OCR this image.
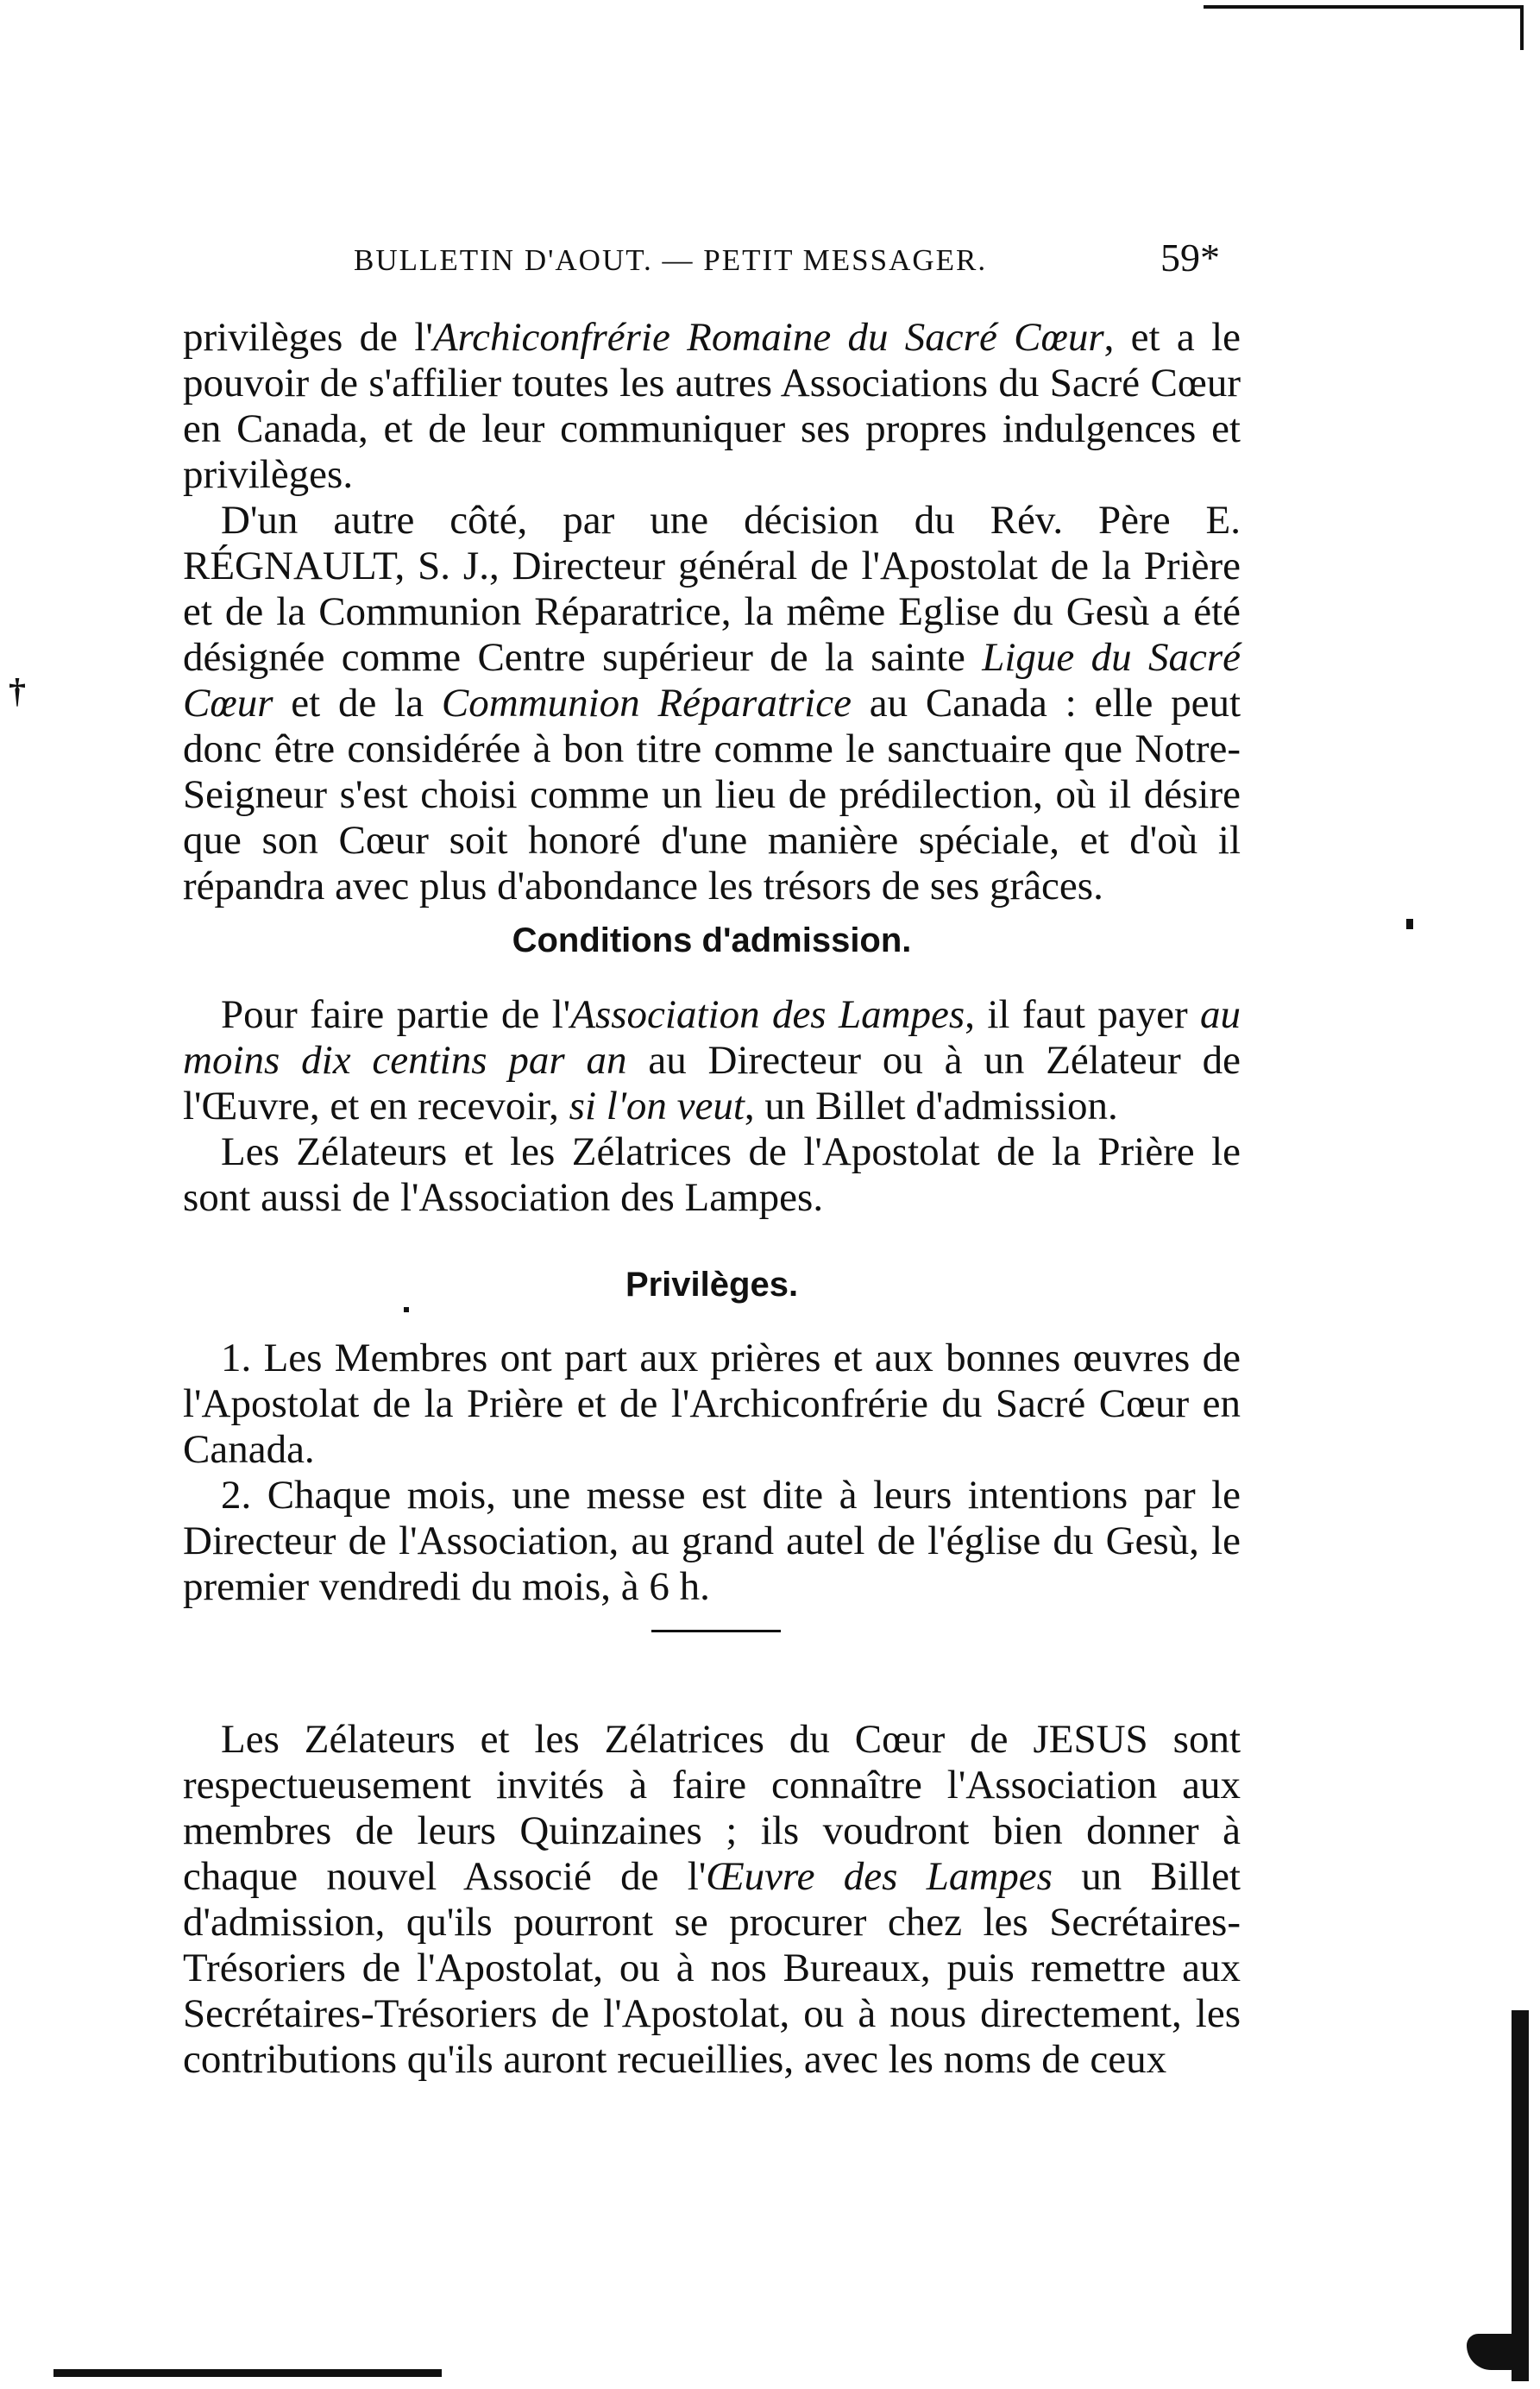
BULLETIN D'AOUT. — PETIT MESSAGER.	59*
†

privilèges de l'Archiconfrérie Romaine du Sacré Cœur, et a le pouvoir de s'affilier toutes les autres Associations du Sacré Cœur en Canada, et de leur communiquer ses propres indulgences et privilèges.

D'un autre côté, par une décision du Rév. Père E. RÉGNAULT, S. J., Directeur général de l'Apostolat de la Prière et de la Communion Réparatrice, la même Eglise du Gesù a été désignée comme Centre supérieur de la sainte Ligue du Sacré Cœur et de la Communion Réparatrice au Canada : elle peut donc être considérée à bon titre comme le sanctuaire que Notre-Seigneur s'est choisi comme un lieu de prédilection, où il désire que son Cœur soit honoré d'une manière spéciale, et d'où il répandra avec plus d'abondance les trésors de ses grâces.

Conditions d'admission.

Pour faire partie de l'Association des Lampes, il faut payer au moins dix centins par an au Directeur ou à un Zélateur de l'Œuvre, et en recevoir, si l'on veut, un Billet d'admission.

Les Zélateurs et les Zélatrices de l'Apostolat de la Prière le sont aussi de l'Association des Lampes.

Privilèges.

1. Les Membres ont part aux prières et aux bonnes œuvres de l'Apostolat de la Prière et de l'Archiconfrérie du Sacré Cœur en Canada.

2. Chaque mois, une messe est dite à leurs intentions par le Directeur de l'Association, au grand autel de l'église du Gesù, le premier vendredi du mois, à 6 h.

Les Zélateurs et les Zélatrices du Cœur de JESUS sont respectueusement invités à faire connaître l'Association aux membres de leurs Quinzaines ; ils voudront bien donner à chaque nouvel Associé de l'Œuvre des Lampes un Billet d'admission, qu'ils pourront se procurer chez les Secrétaires-Trésoriers de l'Apostolat, ou à nos Bureaux, puis remettre aux Secrétaires-Trésoriers de l'Apostolat, ou à nous directement, les contributions qu'ils auront recueillies, avec les noms de ceux
